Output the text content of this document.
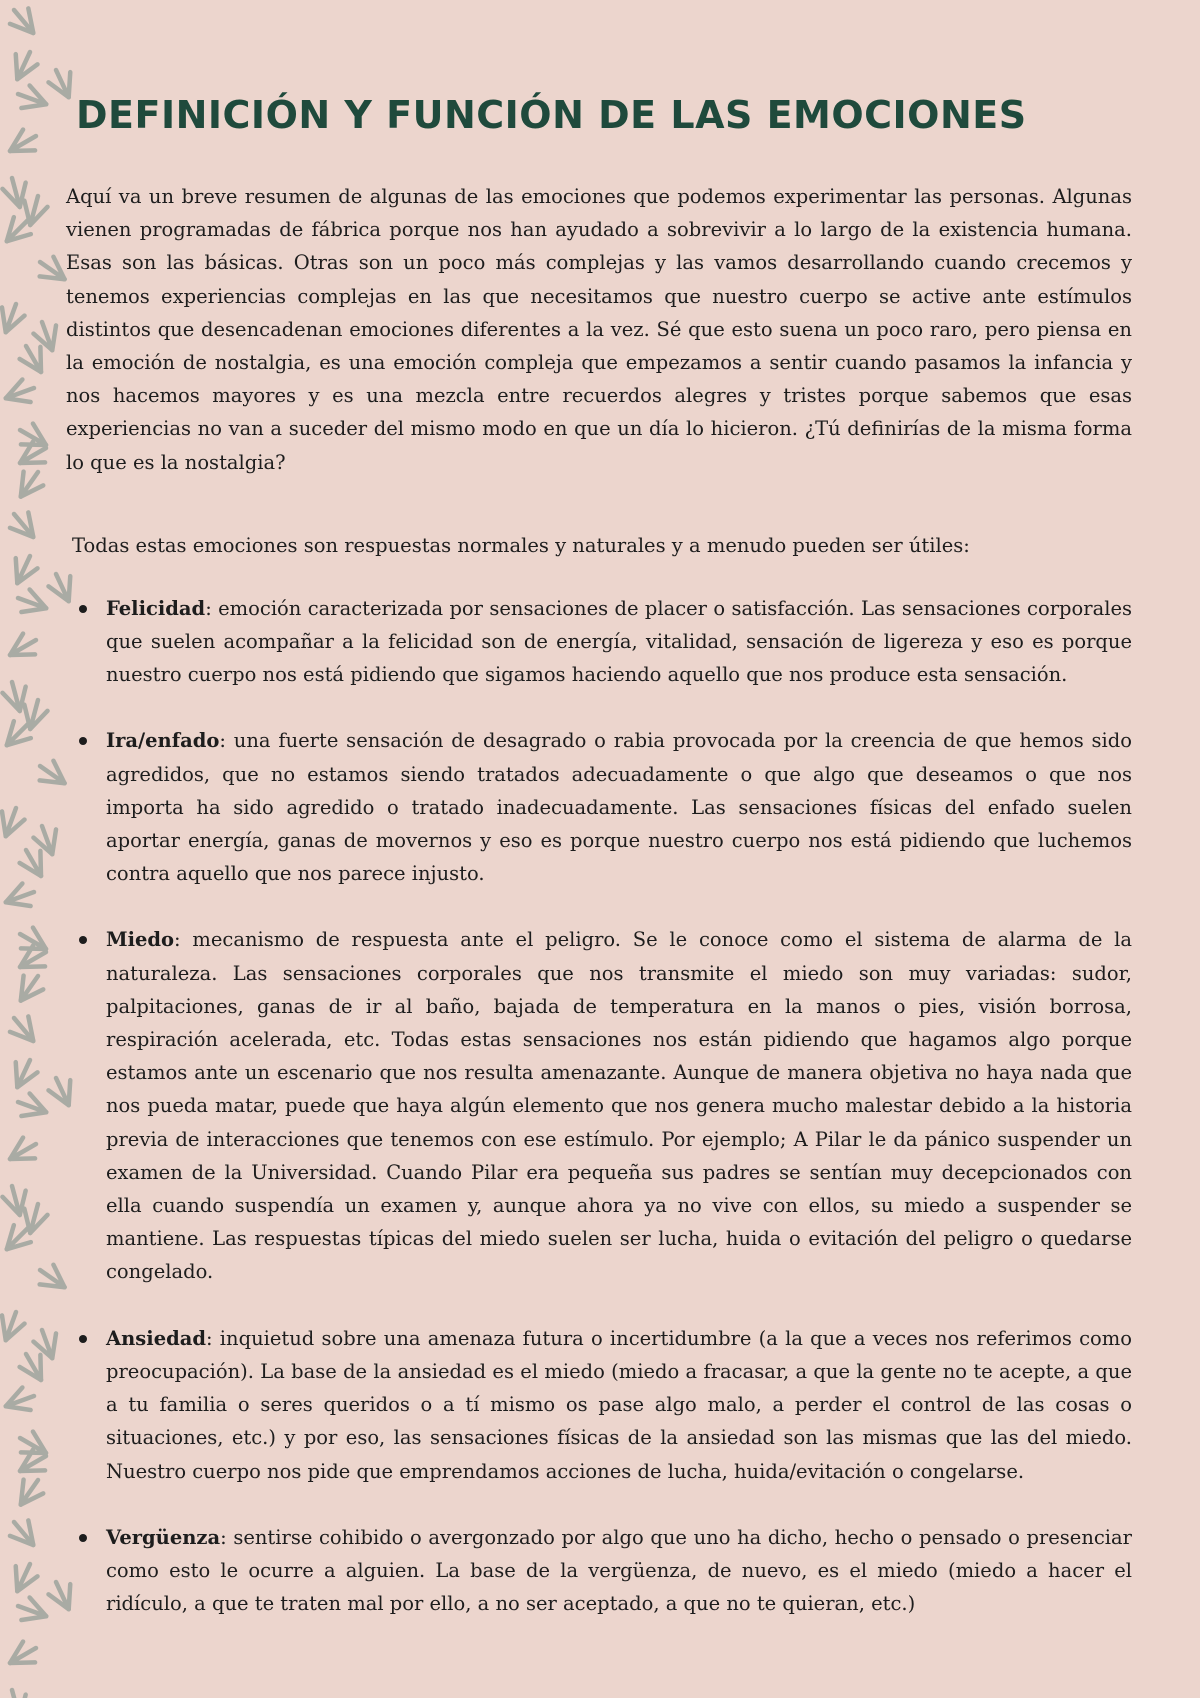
DEFINICIÓN Y FUNCIÓN DE LAS EMOCIONES

Aquí va un breve resumen de algunas de las emociones que podemos experimentar las personas. Algunas vienen programadas de fábrica porque nos han ayudado a sobrevivir a lo largo de la existencia humana. Esas son las básicas. Otras son un poco más complejas y las vamos desarrollando cuando crecemos y tenemos experiencias complejas en las que necesitamos que nuestro cuerpo se active ante estímulos distintos que desencadenan emociones diferentes a la vez. Sé que esto suena un poco raro, pero piensa en la emoción de nostalgia, es una emoción compleja que empezamos a sentir cuando pasamos la infancia y nos hacemos mayores y es una mezcla entre recuerdos alegres y tristes porque sabemos que esas experiencias no van a suceder del mismo modo en que un día lo hicieron. ¿Tú definirías de la misma forma lo que es la nostalgia?

Todas estas emociones son respuestas normales y naturales y a menudo pueden ser útiles:

Felicidad: emoción caracterizada por sensaciones de placer o satisfacción. Las sensaciones corporales que suelen acompañar a la felicidad son de energía, vitalidad, sensación de ligereza y eso es porque nuestro cuerpo nos está pidiendo que sigamos haciendo aquello que nos produce esta sensación.
Ira/enfado: una fuerte sensación de desagrado o rabia provocada por la creencia de que hemos sido agredidos, que no estamos siendo tratados adecuadamente o que algo que deseamos o que nos importa ha sido agredido o tratado inadecuadamente. Las sensaciones físicas del enfado suelen aportar energía, ganas de movernos y eso es porque nuestro cuerpo nos está pidiendo que luchemos contra aquello que nos parece injusto.
Miedo: mecanismo de respuesta ante el peligro. Se le conoce como el sistema de alarma de la naturaleza. Las sensaciones corporales que nos transmite el miedo son muy variadas: sudor, palpitaciones, ganas de ir al baño, bajada de temperatura en la manos o pies, visión borrosa, respiración acelerada, etc. Todas estas sensaciones nos están pidiendo que hagamos algo porque estamos ante un escenario que nos resulta amenazante. Aunque de manera objetiva no haya nada que nos pueda matar, puede que haya algún elemento que nos genera mucho malestar debido a la historia previa de interacciones que tenemos con ese estímulo. Por ejemplo; A Pilar le da pánico suspender un examen de la Universidad. Cuando Pilar era pequeña sus padres se sentían muy decepcionados con ella cuando suspendía un examen y, aunque ahora ya no vive con ellos, su miedo a suspender se mantiene. Las respuestas típicas del miedo suelen ser lucha, huida o evitación del peligro o quedarse congelado.
Ansiedad: inquietud sobre una amenaza futura o incertidumbre (a la que a veces nos referimos como preocupación). La base de la ansiedad es el miedo (miedo a fracasar, a que la gente no te acepte, a que a tu familia o seres queridos o a tí mismo os pase algo malo, a perder el control de las cosas o situaciones, etc.) y por eso, las sensaciones físicas de la ansiedad son las mismas que las del miedo. Nuestro cuerpo nos pide que emprendamos acciones de lucha, huida/evitación o congelarse.
Vergüenza: sentirse cohibido o avergonzado por algo que uno ha dicho, hecho o pensado o presenciar como esto le ocurre a alguien. La base de la vergüenza, de nuevo, es el miedo (miedo a hacer el ridículo, a que te traten mal por ello, a no ser aceptado, a que no te quieran, etc.)
